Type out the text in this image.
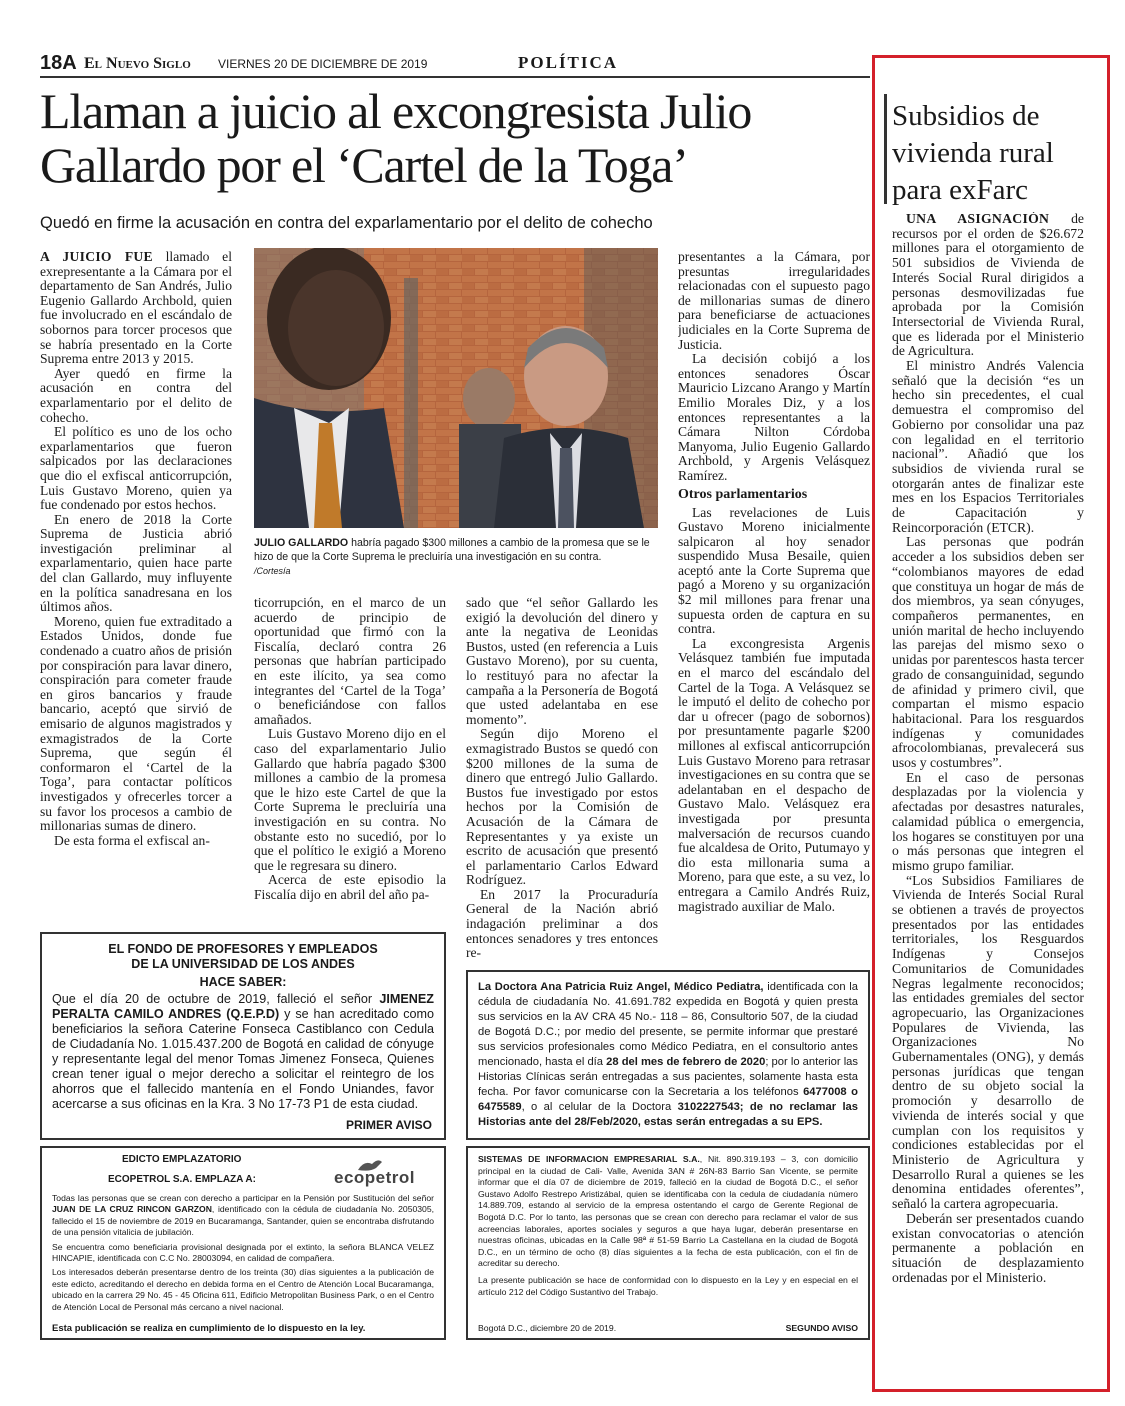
18A El Nuevo Siglo VIERNES 20 DE DICIEMBRE DE 2019	POLÍTICA
Llaman a juicio al excongresista Julio
Gallardo por el ‘Cartel de la Toga’
Quedó en firme la acusación en contra del exparlamentario por el delito de cohecho
JULIO GALLARDO habría pagado $300 millones a cambio de la promesa que se le hizo de que la Corte Suprema le precluiría una investigación en su contra.
/Cortesía

A JUICIO FUE llamado el exrepresentante a la Cámara por el departamento de San Andrés, Julio Eugenio Gallardo Archbold, quien fue involucrado en el escándalo de sobornos para torcer procesos que se habría presentado en la Corte Suprema entre 2013 y 2015.

Ayer quedó en firme la acusación en contra del exparlamentario por el delito de cohecho.

El político es uno de los ocho exparlamentarios que fueron salpicados por las declaraciones que dio el exfiscal anticorrupción, Luis Gustavo Moreno, quien ya fue condenado por estos hechos.

En enero de 2018 la Corte Suprema de Justicia abrió investigación preliminar al exparlamentario, quien hace parte del clan Gallardo, muy influyente en la política sanadresana en los últimos años.

Moreno, quien fue extraditado a Estados Unidos, donde fue condenado a cuatro años de prisión por conspiración para lavar dinero, conspiración para cometer fraude en giros bancarios y fraude bancario, aceptó que sirvió de emisario de algunos magistrados y exmagistrados de la Corte Suprema, que según él conformaron el ‘Cartel de la Toga’, para contactar políticos investigados y ofrecerles torcer a su favor los procesos a cambio de millonarias sumas de dinero.

De esta forma el exfiscal an-

ticorrupción, en el marco de un acuerdo de principio de oportunidad que firmó con la Fiscalía, declaró contra 26 personas que habrían participado en este ilícito, ya sea como integrantes del ‘Cartel de la Toga’ o beneficiándose con fallos amañados.

Luis Gustavo Moreno dijo en el caso del exparlamentario Julio Gallardo que habría pagado $300 millones a cambio de la promesa que le hizo este Cartel de que la Corte Suprema le precluiría una investigación en su contra. No obstante esto no sucedió, por lo que el político le exigió a Moreno que le regresara su dinero.

Acerca de este episodio la Fiscalía dijo en abril del año pa-

sado que “el señor Gallardo les exigió la devolución del dinero y ante la negativa de Leonidas Bustos, usted (en referencia a Luis Gustavo Moreno), por su cuenta, lo restituyó para no afectar la campaña a la Personería de Bogotá que usted adelantaba en ese momento”.

Según dijo Moreno el exmagistrado Bustos se quedó con $200 millones de la suma de dinero que entregó Julio Gallardo. Bustos fue investigado por estos hechos por la Comisión de Acusación de la Cámara de Representantes y ya existe un escrito de acusación que presentó el parlamentario Carlos Edward Rodríguez.

En 2017 la Procuraduría General de la Nación abrió indagación preliminar a dos entonces senadores y tres entonces re-

presentantes a la Cámara, por presuntas irregularidades relacionadas con el supuesto pago de millonarias sumas de dinero para beneficiarse de actuaciones judiciales en la Corte Suprema de Justicia.

La decisión cobijó a los entonces senadores Óscar Mauricio Lizcano Arango y Martín Emilio Morales Diz, y a los entonces representantes a la Cámara Nilton Córdoba Manyoma, Julio Eugenio Gallardo Archbold, y Argenis Velásquez Ramírez.

Otros parlamentarios

Las revelaciones de Luis Gustavo Moreno inicialmente salpicaron al hoy senador suspendido Musa Besaile, quien aceptó ante la Corte Suprema que pagó a Moreno y su organización $2 mil millones para frenar una supuesta orden de captura en su contra.

La excongresista Argenis Velásquez también fue imputada en el marco del escándalo del Cartel de la Toga. A Velásquez se le imputó el delito de cohecho por dar u ofrecer (pago de sobornos) por presuntamente pagarle $200 millones al exfiscal anticorrupción Luis Gustavo Moreno para retrasar investigaciones en su contra que se adelantaban en el despacho de Gustavo Malo. Velásquez era investigada por presunta malversación de recursos cuando fue alcaldesa de Orito, Putumayo y dio esta millonaria suma a Moreno, para que este, a su vez, lo entregara a Camilo Andrés Ruiz, magistrado auxiliar de Malo.

Subsidios de vivienda rural para exFarc

UNA ASIGNACIÓN de recursos por el orden de $26.672 millones para el otorgamiento de 501 subsidios de Vivienda de Interés Social Rural dirigidos a personas desmovilizadas fue aprobada por la Comisión Intersectorial de Vivienda Rural, que es liderada por el Ministerio de Agricultura.

El ministro Andrés Valencia señaló que la decisión “es un hecho sin precedentes, el cual demuestra el compromiso del Gobierno por consolidar una paz con legalidad en el territorio nacional”. Añadió que los subsidios de vivienda rural se otorgarán antes de finalizar este mes en los Espacios Territoriales de Capacitación y Reincorporación (ETCR).

Las personas que podrán acceder a los subsidios deben ser “colombianos mayores de edad que constituya un hogar de más de dos miembros, ya sean cónyuges, compañeros permanentes, en unión marital de hecho incluyendo las parejas del mismo sexo o unidas por parentescos hasta tercer grado de consanguinidad, segundo de afinidad y primero civil, que compartan el mismo espacio habitacional. Para los resguardos indígenas y comunidades afrocolombianas, prevalecerá sus usos y costumbres”.

En el caso de personas desplazadas por la violencia y afectadas por desastres naturales, calamidad pública o emergencia, los hogares se constituyen por una o más personas que integren el mismo grupo familiar.

“Los Subsidios Familiares de Vivienda de Interés Social Rural se obtienen a través de proyectos presentados por las entidades territoriales, los Resguardos Indígenas y Consejos Comunitarios de Comunidades Negras legalmente reconocidos; las entidades gremiales del sector agropecuario, las Organizaciones Populares de Vivienda, las Organizaciones No Gubernamentales (ONG), y demás personas jurídicas que tengan dentro de su objeto social la promoción y desarrollo de vivienda de interés social y que cumplan con los requisitos y condiciones establecidas por el Ministerio de Agricultura y Desarrollo Rural a quienes se les denomina entidades oferentes”, señaló la cartera agropecuaria.

Deberán ser presentados cuando existan convocatorias o atención permanente a población en situación de desplazamiento ordenadas por el Ministerio.

EL FONDO DE PROFESORES Y EMPLEADOS
DE LA UNIVERSIDAD DE LOS ANDES
HACE SABER:

Que el día 20 de octubre de 2019, falleció el señor JIMENEZ PERALTA CAMILO ANDRES (Q.E.P.D) y se han acreditado como beneficiarios la señora Caterine Fonseca Castiblanco con Cedula de Ciudadanía No. 1.015.437.200 de Bogotá en calidad de cónyuge y representante legal del menor Tomas Jimenez Fonseca, Quienes crean tener igual o mejor derecho a solicitar el reintegro de los ahorros que el fallecido mantenía en el Fondo Uniandes, favor acercarse a sus oficinas en la Kra. 3 No 17-73 P1 de esta ciudad.

PRIMER AVISO

La Doctora Ana Patricia Ruiz Angel, Médico Pediatra, identificada con la cédula de ciudadanía No. 41.691.782 expedida en Bogotá y quien presta sus servicios en la AV CRA 45 No.- 118 – 86, Consultorio 507, de la ciudad de Bogotá D.C.; por medio del presente, se permite informar que prestaré sus servicios profesionales como Médico Pediatra, en el consultorio antes mencionado, hasta el día 28 del mes de febrero de 2020; por lo anterior las Historias Clínicas serán entregadas a sus pacientes, solamente hasta esta fecha. Por favor comunicarse con la Secretaria a los teléfonos 6477008 o 6475589, o al celular de la Doctora 3102227543; de no reclamar las Historias ante del 28/Feb/2020, estas serán entregadas a su EPS.

EDICTO EMPLAZATORIO
ECOPETROL S.A. EMPLAZA A:	ecopetrol

Todas las personas que se crean con derecho a participar en la Pensión por Sustitución del señor JUAN DE LA CRUZ RINCON GARZON, identificado con la cédula de ciudadanía No. 2050305, fallecido el 15 de noviembre de 2019 en Bucaramanga, Santander, quien se encontraba disfrutando de una pensión vitalicia de jubilación.

Se encuentra como beneficiaria provisional designada por el extinto, la señora BLANCA VELEZ HINCAPIE, identificada con C.C No. 28003094, en calidad de compañera.

Los interesados deberán presentarse dentro de los treinta (30) días siguientes a la publicación de este edicto, acreditando el derecho en debida forma en el Centro de Atención Local Bucaramanga, ubicado en la carrera 29 No. 45 - 45 Oficina 611, Edificio Metropolitan Business Park, o en el Centro de Atención Local de Personal más cercano a nivel nacional.

Esta publicación se realiza en cumplimiento de lo dispuesto en la ley.

SISTEMAS DE INFORMACION EMPRESARIAL S.A., Nit. 890.319.193 – 3, con domicilio principal en la ciudad de Cali- Valle, Avenida 3AN # 26N-83 Barrio San Vicente, se permite informar que el día 07 de diciembre de 2019, falleció en la ciudad de Bogotá D.C., el señor Gustavo Adolfo Restrepo Aristizábal, quien se identificaba con la cedula de ciudadanía número 14.889.709, estando al servicio de la empresa ostentando el cargo de Gerente Regional de Bogotá D.C. Por lo tanto, las personas que se crean con derecho para reclamar el valor de sus acreencias laborales, aportes sociales y seguros a que haya lugar, deberán presentarse en nuestras oficinas, ubicadas en la Calle 98ª # 51-59 Barrio La Castellana en la ciudad de Bogotá D.C., en un término de ocho (8) días siguientes a la fecha de esta publicación, con el fin de acreditar su derecho.

La presente publicación se hace de conformidad con lo dispuesto en la Ley y en especial en el artículo 212 del Código Sustantivo del Trabajo.

Bogotá D.C., diciembre 20 de 2019.	SEGUNDO AVISO
